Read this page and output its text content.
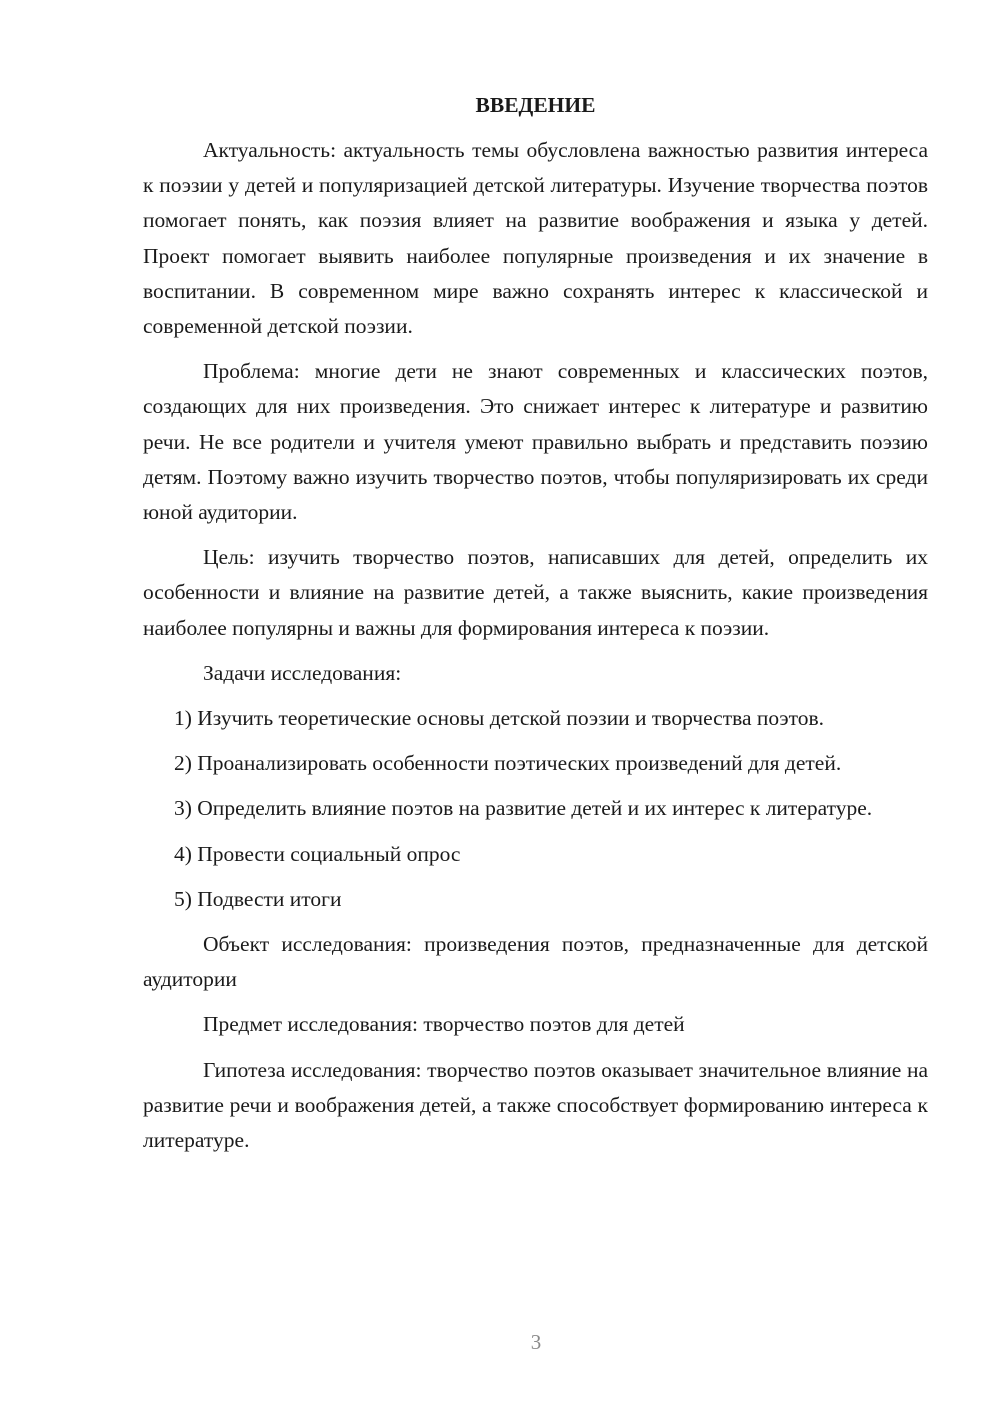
ВВЕДЕНИЕ

Актуальность: актуальность темы обусловлена важностью развития интереса к поэзии у детей и популяризацией детской литературы. Изучение творчества поэтов помогает понять, как поэзия влияет на развитие воображения и языка у детей. Проект помогает выявить наиболее популярные произведения и их значение в воспитании. В современном мире важно сохранять интерес к классической и современной детской поэзии.

Проблема: многие дети не знают современных и классических поэтов, создающих для них произведения. Это снижает интерес к литературе и развитию речи. Не все родители и учителя умеют правильно выбрать и представить поэзию детям. Поэтому важно изучить творчество поэтов, чтобы популяризировать их среди юной аудитории.

Цель: изучить творчество поэтов, написавших для детей, определить их особенности и влияние на развитие детей, а также выяснить, какие произведения наиболее популярны и важны для формирования интереса к поэзии.

Задачи исследования:

1) Изучить теоретические основы детской поэзии и творчества поэтов.

2) Проанализировать особенности поэтических произведений для детей.

3) Определить влияние поэтов на развитие детей и их интерес к литературе.

4) Провести социальный опрос

5) Подвести итоги

Объект исследования: произведения поэтов, предназначенные для детской аудитории

Предмет исследования: творчество поэтов для детей

Гипотеза исследования: творчество поэтов оказывает значительное влияние на развитие речи и воображения детей, а также способствует формированию интереса к литературе.

3
